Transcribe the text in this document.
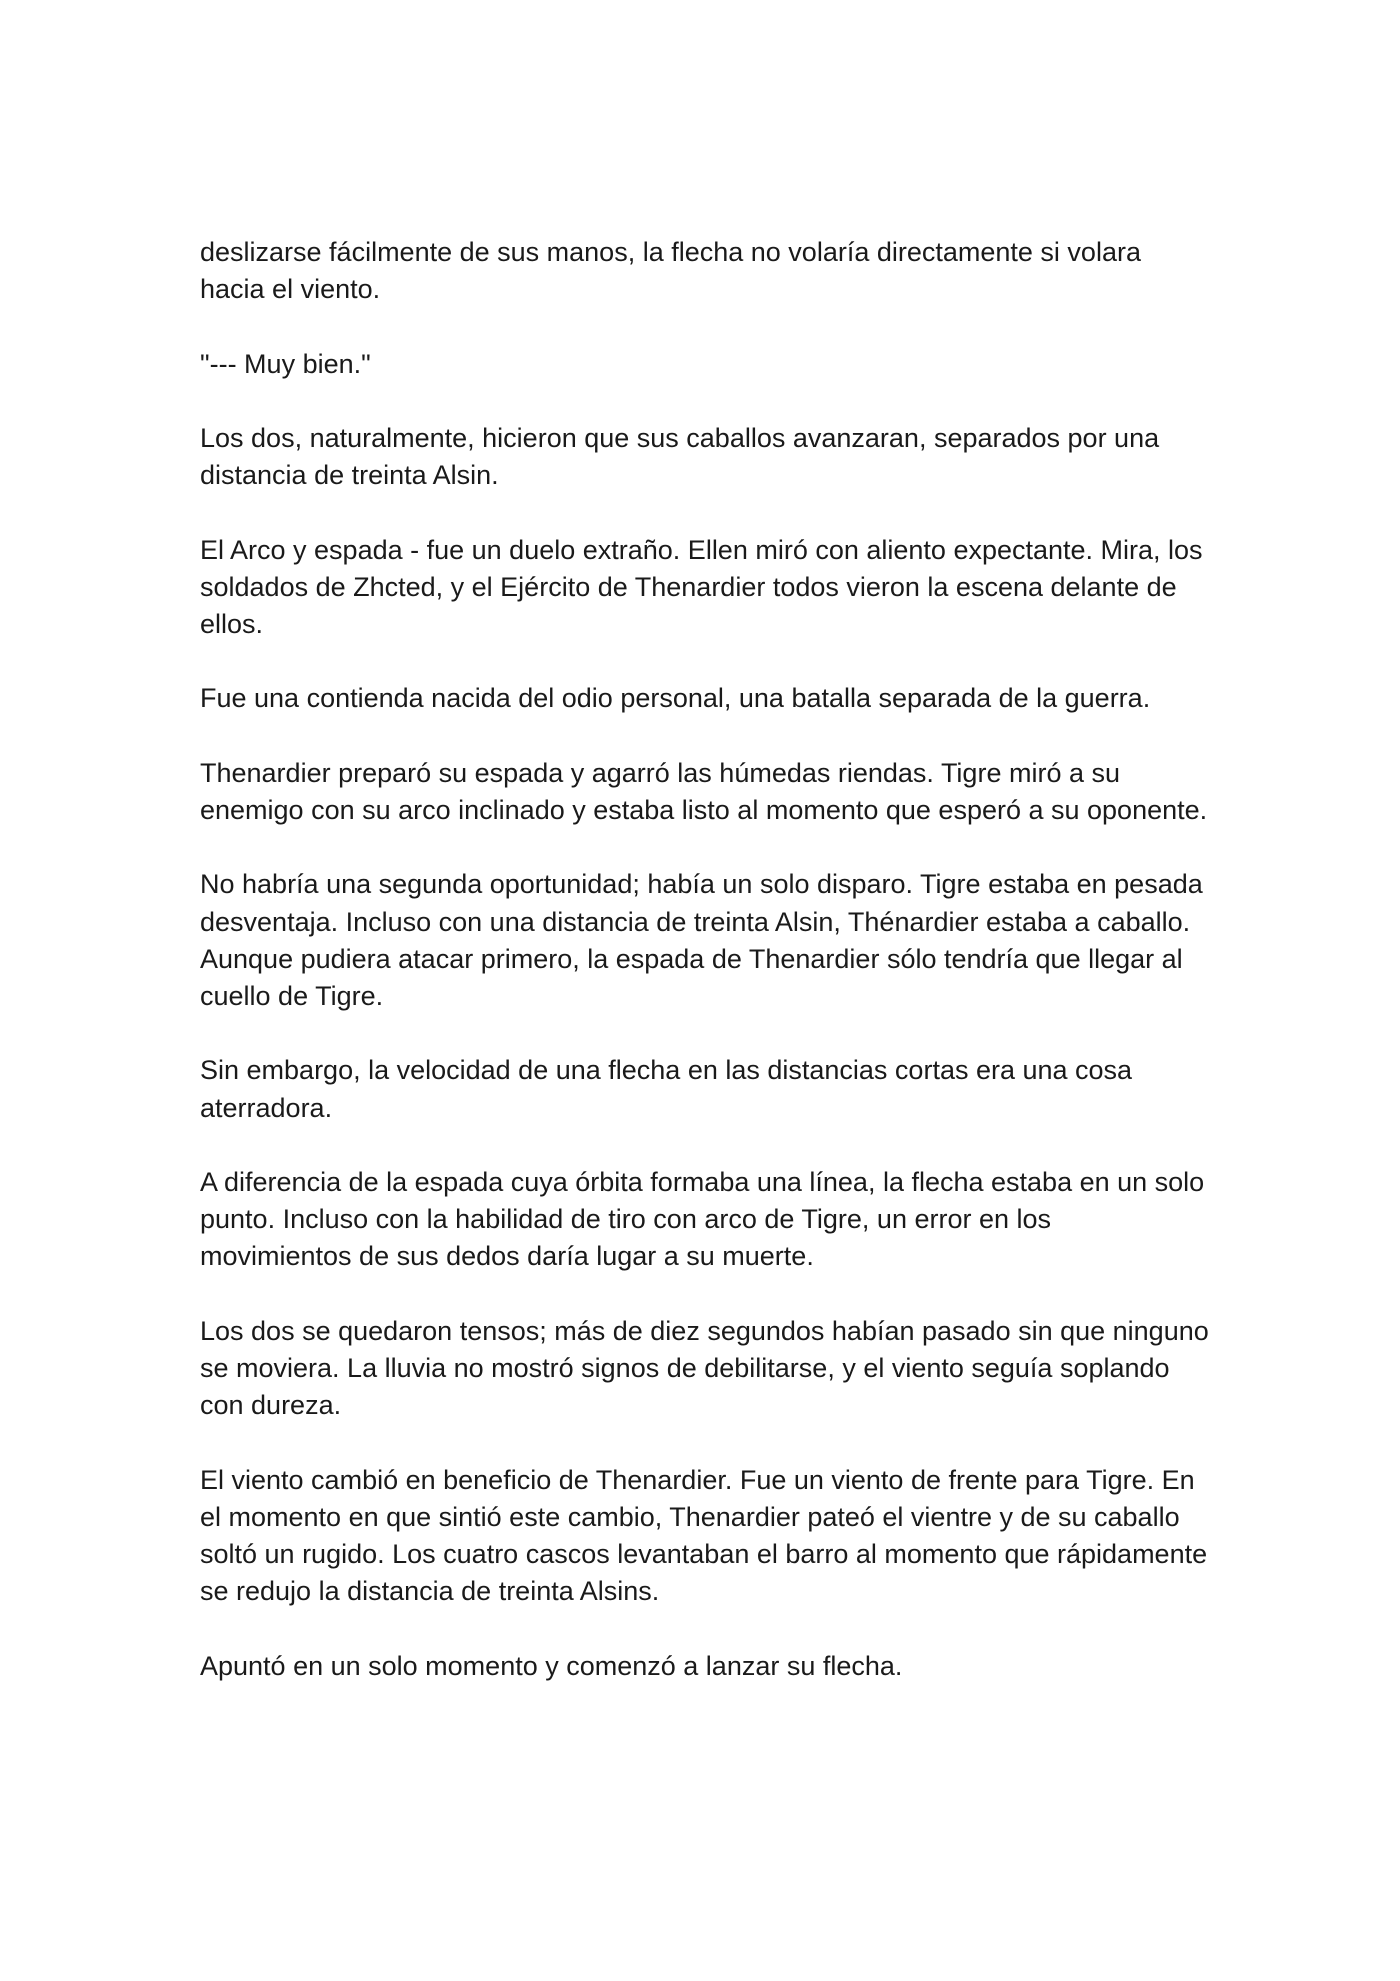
deslizarse fácilmente de sus manos, la flecha no volaría directamente si volara hacia el viento.

"--- Muy bien."

Los dos, naturalmente, hicieron que sus caballos avanzaran, separados por una distancia de treinta Alsin.

El Arco y espada - fue un duelo extraño. Ellen miró con aliento expectante. Mira, los soldados de Zhcted, y el Ejército de Thenardier todos vieron la escena delante de ellos.

Fue una contienda nacida del odio personal, una batalla separada de la guerra.

Thenardier preparó su espada y agarró las húmedas riendas. Tigre miró a su enemigo con su arco inclinado y estaba listo al momento que esperó a su oponente.

No habría una segunda oportunidad; había un solo disparo. Tigre estaba en pesada desventaja. Incluso con una distancia de treinta Alsin, Thénardier estaba a caballo. Aunque pudiera atacar primero, la espada de Thenardier sólo tendría que llegar al cuello de Tigre.

Sin embargo, la velocidad de una flecha en las distancias cortas era una cosa aterradora.

A diferencia de la espada cuya órbita formaba una línea, la flecha estaba en un solo punto. Incluso con la habilidad de tiro con arco de Tigre, un error en los movimientos de sus dedos daría lugar a su muerte.

Los dos se quedaron tensos; más de diez segundos habían pasado sin que ninguno se moviera. La lluvia no mostró signos de debilitarse, y el viento seguía soplando con dureza.

El viento cambió en beneficio de Thenardier. Fue un viento de frente para Tigre. En el momento en que sintió este cambio, Thenardier pateó el vientre y de su caballo soltó un rugido. Los cuatro cascos levantaban el barro al momento que rápidamente se redujo la distancia de treinta Alsins.

Apuntó en un solo momento y comenzó a lanzar su flecha.
